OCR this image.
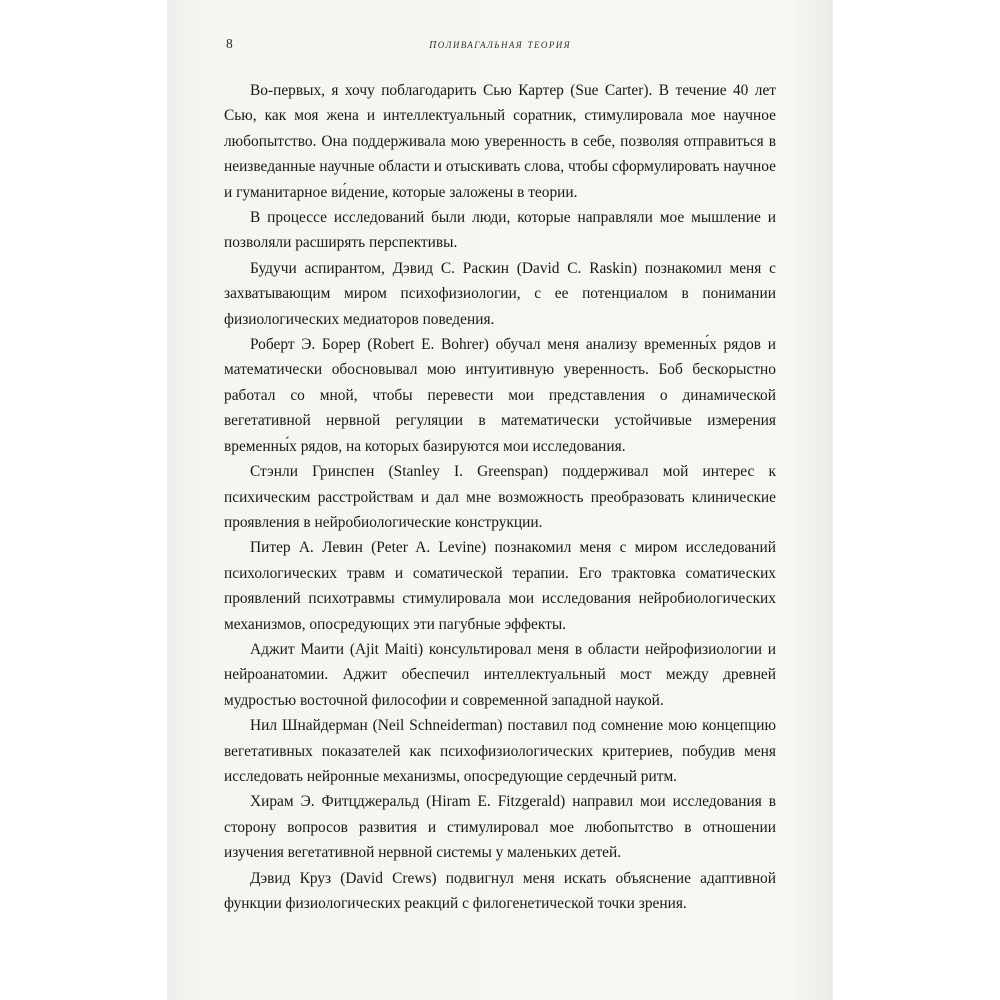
8	поливагальная теория

Во-первых, я хочу поблагодарить Сью Картер (Sue Carter). В течение 40 лет Сью, как моя жена и интеллектуальный соратник, стимулировала мое научное любопытство. Она поддерживала мою уверенность в себе, позволяя отправиться в неизведанные научные области и отыскивать слова, чтобы сформулировать научное и гуманитарное ви́дение, которые заложены в теории.

В процессе исследований были люди, которые направляли мое мышление и позволяли расширять перспективы.

Будучи аспирантом, Дэвид С. Раскин (David C. Raskin) познакомил меня с захватывающим миром психофизиологии, с ее потенциалом в понимании физиологических медиаторов поведения.

Роберт Э. Борер (Robert E. Bohrer) обучал меня анализу временны́х рядов и математически обосновывал мою интуитивную уверенность. Боб бескорыстно работал со мной, чтобы перевести мои представления о динамической вегетативной нервной регуляции в математически устойчивые измерения временны́х рядов, на которых базируются мои исследования.

Стэнли Гринспен (Stanley I. Greenspan) поддерживал мой интерес к психическим расстройствам и дал мне возможность преобразовать клинические проявления в нейробиологические конструкции.

Питер А. Левин (Peter A. Levine) познакомил меня с миром исследований психологических травм и соматической терапии. Его трактовка соматических проявлений психотравмы стимулировала мои исследования нейробиологических механизмов, опосредующих эти пагубные эффекты.

Аджит Маити (Ajit Maiti) консультировал меня в области нейрофизиологии и нейроанатомии. Аджит обеспечил интеллектуальный мост между древней мудростью восточной философии и современной западной наукой.

Нил Шнайдерман (Neil Schneiderman) поставил под сомнение мою концепцию вегетативных показателей как психофизиологических критериев, побудив меня исследовать нейронные механизмы, опосредующие сердечный ритм.

Хирам Э. Фитцджеральд (Hiram E. Fitzgerald) направил мои исследования в сторону вопросов развития и стимулировал мое любопытство в отношении изучения вегетативной нервной системы у маленьких детей.

Дэвид Круз (David Crews) подвигнул меня искать объяснение адаптивной функции физиологических реакций с филогенетической точки зрения.
